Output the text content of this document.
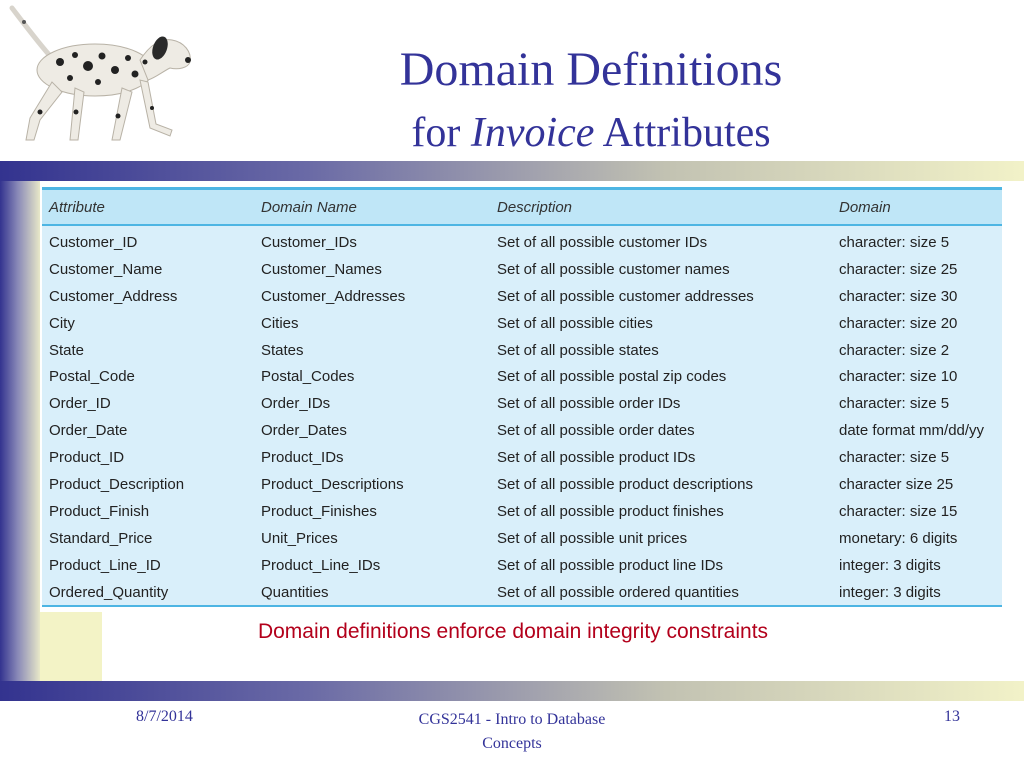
Domain Definitions
for Invoice Attributes
Attribute	Domain Name	Description	Domain
Customer_ID	Customer_IDs	Set of all possible customer IDs	character: size 5
Customer_Name	Customer_Names	Set of all possible customer names	character: size 25
Customer_Address	Customer_Addresses	Set of all possible customer addresses	character: size 30
City	Cities	Set of all possible cities	character: size 20
State	States	Set of all possible states	character: size 2
Postal_Code	Postal_Codes	Set of all possible postal zip codes	character: size 10
Order_ID	Order_IDs	Set of all possible order IDs	character: size 5
Order_Date	Order_Dates	Set of all possible order dates	date format mm/dd/yy
Product_ID	Product_IDs	Set of all possible product IDs	character: size 5
Product_Description	Product_Descriptions	Set of all possible product descriptions	character size 25
Product_Finish	Product_Finishes	Set of all possible product finishes	character: size 15
Standard_Price	Unit_Prices	Set of all possible unit prices	monetary: 6 digits
Product_Line_ID	Product_Line_IDs	Set of all possible product line IDs	integer: 3 digits
Ordered_Quantity	Quantities	Set of all possible ordered quantities	integer: 3 digits
Domain definitions enforce domain integrity constraints
8/7/2014	CGS2541 - Intro to Database
Concepts
13
